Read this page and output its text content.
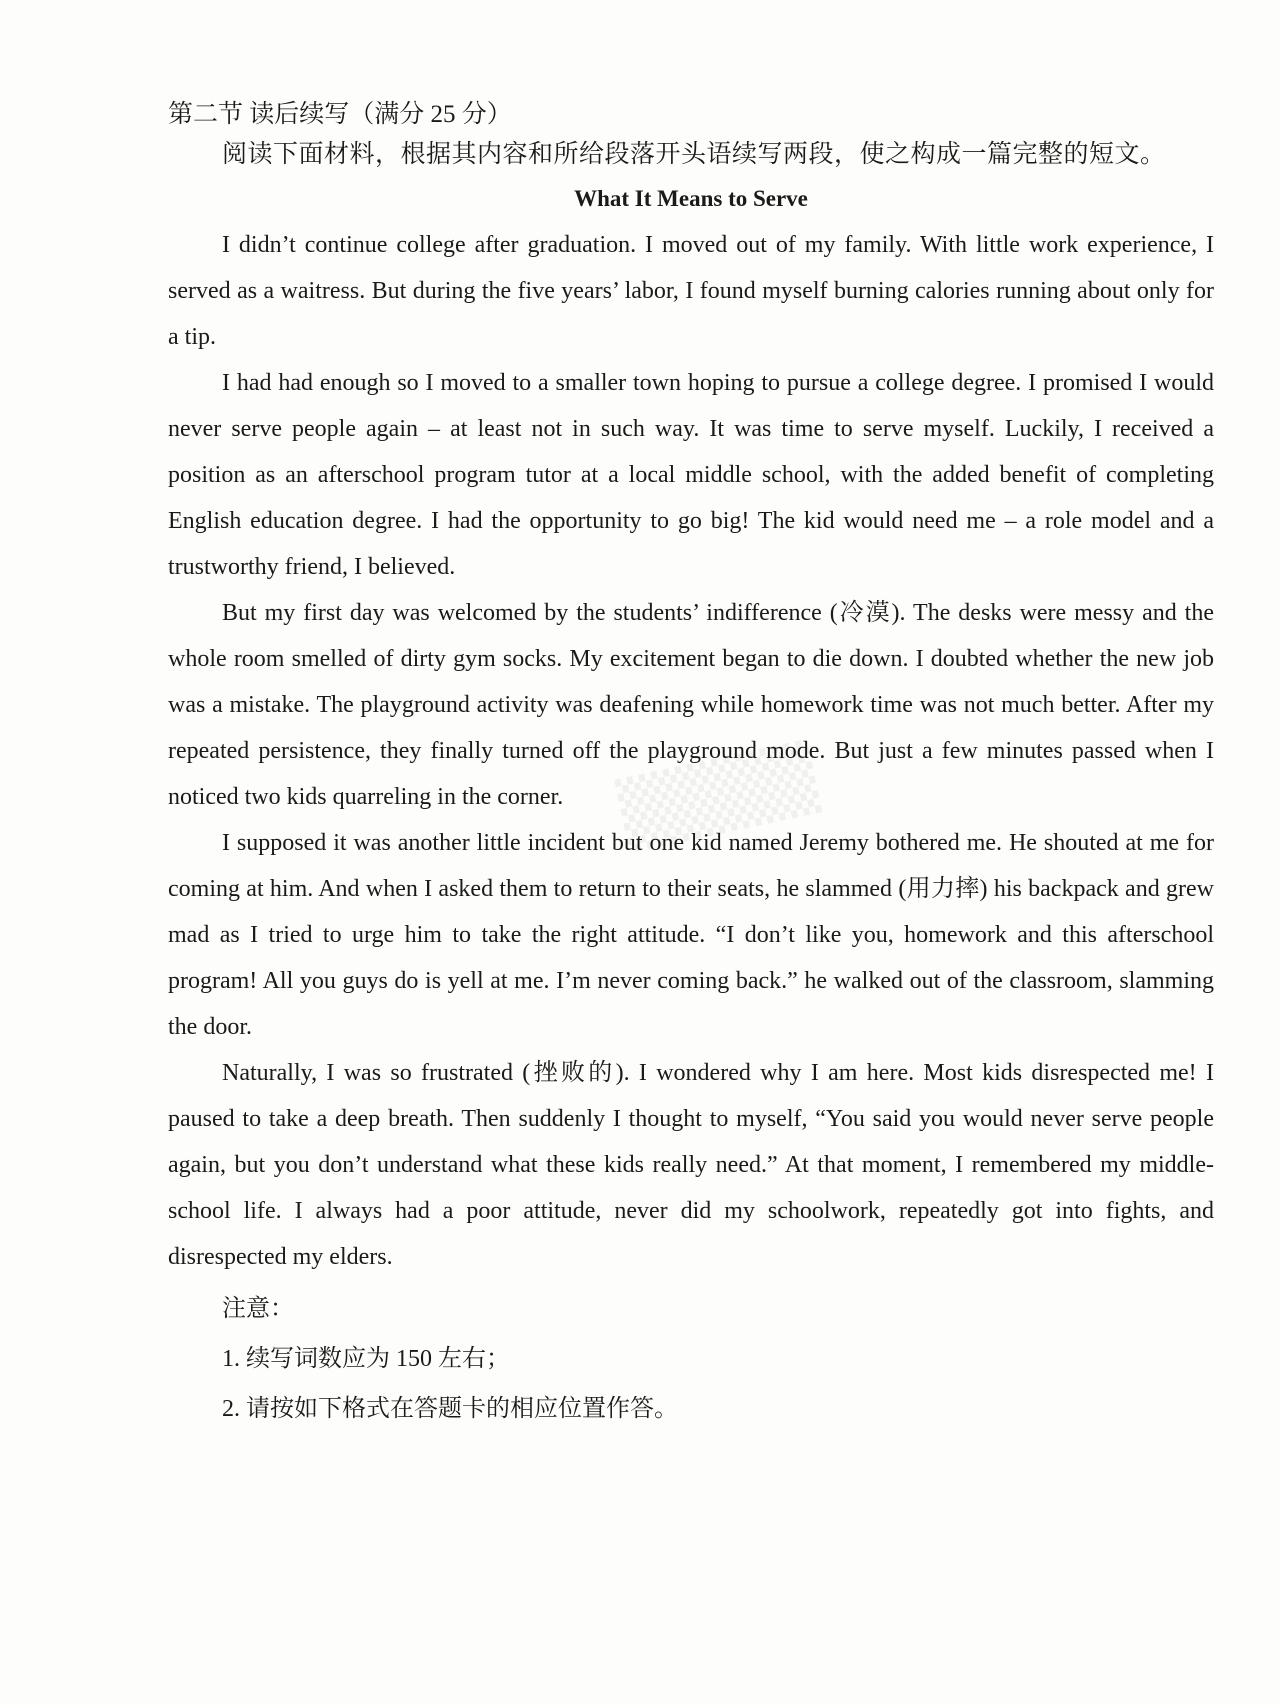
第二节 读后续写（满分 25 分）

阅读下面材料，根据其内容和所给段落开头语续写两段，使之构成一篇完整的短文。

What It Means to Serve

I didn’t continue college after graduation. I moved out of my family. With little work experience, I served as a waitress. But during the five years’ labor, I found myself burning calories running about only for a tip.

I had had enough so I moved to a smaller town hoping to pursue a college degree. I promised I would never serve people again – at least not in such way. It was time to serve myself. Luckily, I received a position as an afterschool program tutor at a local middle school, with the added benefit of completing English education degree. I had the opportunity to go big! The kid would need me – a role model and a trustworthy friend, I believed.

But my first day was welcomed by the students’ indifference (冷漠). The desks were messy and the whole room smelled of dirty gym socks. My excitement began to die down. I doubted whether the new job was a mistake. The playground activity was deafening while homework time was not much better. After my repeated persistence, they finally turned off the playground mode. But just a few minutes passed when I noticed two kids quarreling in the corner.

I supposed it was another little incident but one kid named Jeremy bothered me. He shouted at me for coming at him. And when I asked them to return to their seats, he slammed (用力摔) his backpack and grew mad as I tried to urge him to take the right attitude. “I don’t like you, homework and this afterschool program! All you guys do is yell at me. I’m never coming back.” he walked out of the classroom, slamming the door.

Naturally, I was so frustrated (挫败的). I wondered why I am here. Most kids disrespected me! I paused to take a deep breath. Then suddenly I thought to myself, “You said you would never serve people again, but you don’t understand what these kids really need.” At that moment, I remembered my middle-school life. I always had a poor attitude, never did my schoolwork, repeatedly got into fights, and disrespected my elders.

注意：

1. 续写词数应为 150 左右；

2. 请按如下格式在答题卡的相应位置作答。

▒▒▒▒
